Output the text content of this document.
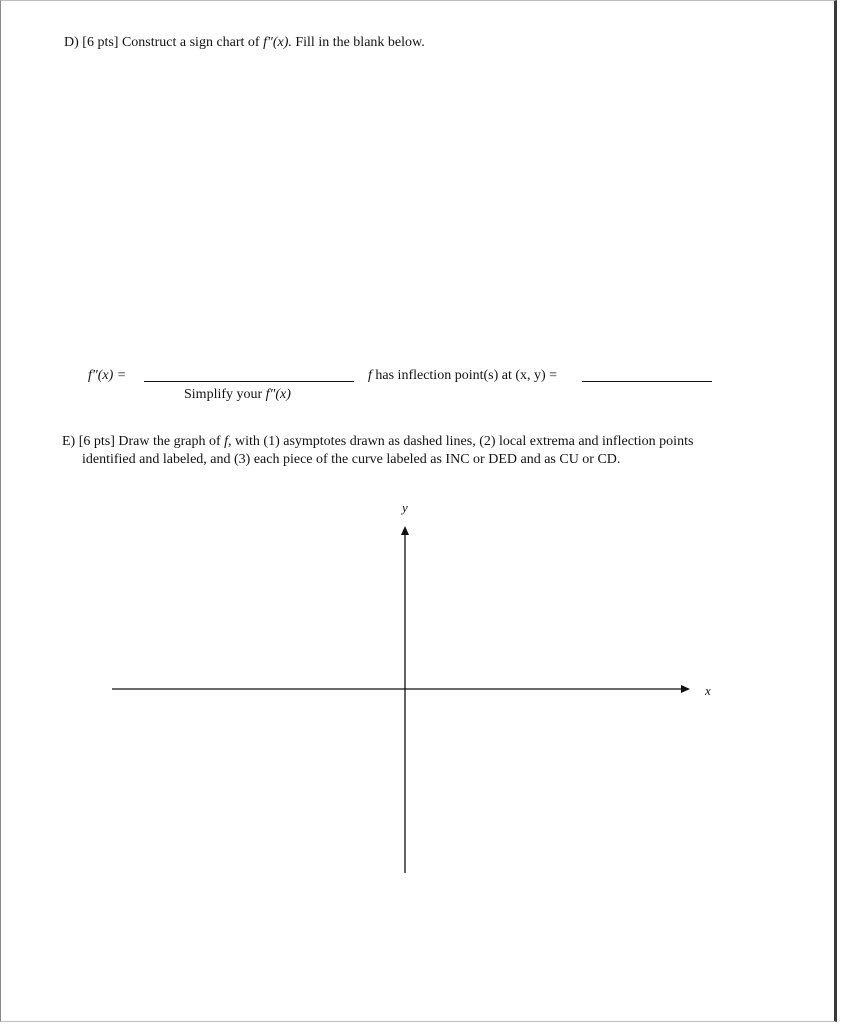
D) [6 pts] Construct a sign chart of f″(x). Fill in the blank below.
f″(x) =
Simplify your f″(x)
f has inflection point(s) at (x, y) =
E) [6 pts] Draw the graph of f, with (1) asymptotes drawn as dashed lines, (2) local extrema and inflection points
identified and labeled, and (3) each piece of the curve labeled as INC or DED and as CU or CD.
y
x
